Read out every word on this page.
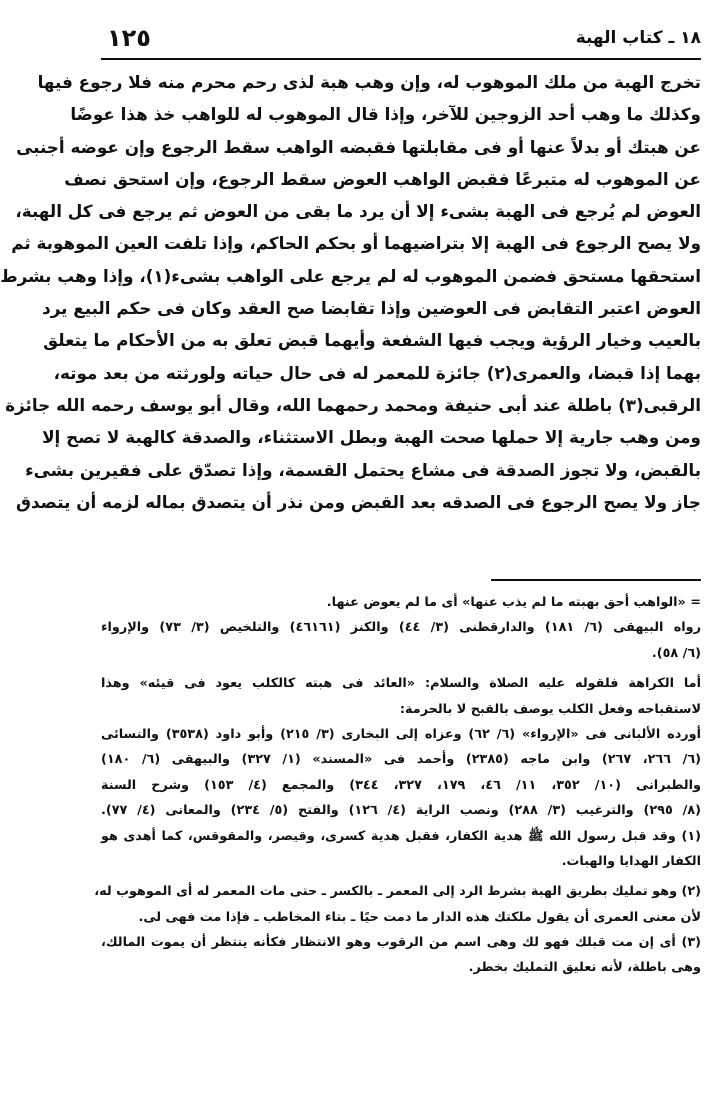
١٨ ـ كتاب الهبة
١٢٥
تخرج الهبة من ملك الموهوب له، وإن وهب هبة لذى رحم محرم منه فلا رجوع فيها
وكذلك ما وهب أحد الزوجين للآخر، وإذا قال الموهوب له للواهب خذ هذا عوضًا
عن هبتك أو بدلاً عنها أو فى مقابلتها فقبضه الواهب سقط الرجوع وإن عوضه أجنبى
عن الموهوب له متبرعًا فقبض الواهب العوض سقط الرجوع، وإن استحق نصف
العوض لم يُرجع فى الهبة بشىء إلا أن يرد ما بقى من العوض ثم يرجع فى كل الهبة،
ولا يصح الرجوع فى الهبة إلا بتراضيهما أو بحكم الحاكم، وإذا تلفت العين الموهوبة ثم
استحقها مستحق فضمن الموهوب له لم يرجع على الواهب بشىء(١)، وإذا وهب بشرط
العوض اعتبر التقابض فى العوضين وإذا تقابضا صح العقد وكان فى حكم البيع يرد
بالعيب وخيار الرؤية ويجب فيها الشفعة وأيهما قبض تعلق به من الأحكام ما يتعلق
بهما إذا قبضا، والعمرى(٢) جائزة للمعمر له فى حال حياته ولورثته من بعد موته،
الرقبى(٣) باطلة عند أبى حنيفة ومحمد رحمهما الله، وقال أبو يوسف رحمه الله جائزة
ومن وهب جارية إلا حملها صحت الهبة وبطل الاستثناء، والصدقة كالهبة لا تصح إلا
بالقبض، ولا تجوز الصدقة فى مشاع يحتمل القسمة، وإذا تصدّق على فقيرين بشىء
جاز ولا يصح الرجوع فى الصدقه بعد القبض ومن نذر أن يتصدق بماله لزمه أن يتصدق
= «الواهب أحق بهبته ما لم يذب عنها» أى ما لم يعوض عنها.
رواه البيهقى (٦/ ١٨١) والدارقطنى (٣/ ٤٤) والكنز (٤٦١٦١) والتلخيص (٣/ ٧٣) والإرواء
(٦/ ٥٨).
أما الكراهة فلقوله عليه الصلاة والسلام: «العائد فى هبته كالكلب يعود فى قيئه» وهذا
لاستقباحه وفعل الكلب يوصف بالقبح لا بالحرمة:
أورده الألبانى فى «الإرواء» (٦/ ٦٢) وعزاه إلى البخارى (٣/ ٢١٥) وأبو داود (٣٥٣٨) والنسائى
(٦/ ٢٦٦، ٢٦٧) وابن ماجه (٢٣٨٥) وأحمد فى «المسند» (١/ ٣٢٧) والبيهقى (٦/ ١٨٠)
والطبرانى (١٠/ ٣٥٢، ١١/ ٤٦، ١٧٩، ٣٢٧، ٣٤٤) والمجمع (٤/ ١٥٣) وشرح السنة
(٨/ ٢٩٥) والترغيب (٣/ ٢٨٨) ونصب الراية (٤/ ١٢٦) والفتح (٥/ ٢٣٤) والمعانى (٤/ ٧٧).
(١) وقد قبل رسول الله ﷺ هدية الكفار، فقبل هدية كسرى، وقيصر، والمقوقس، كما أهدى هو
الكفار الهدايا والهبات.
(٢) وهو تمليك بطريق الهبة بشرط الرد إلى المعمر ـ بالكسر ـ حتى مات المعمر له أى الموهوب له،
لأن معنى العمرى أن يقول ملكتك هذه الدار ما دمت حيًا ـ بتاء المخاطب ـ فإذا مت فهى لى.
(٣) أى إن مت قبلك فهو لك وهى اسم من الرقوب وهو الانتظار فكأنه ينتظر أن يموت المالك،
وهى باطلة، لأنه تعليق التمليك بخطر.
